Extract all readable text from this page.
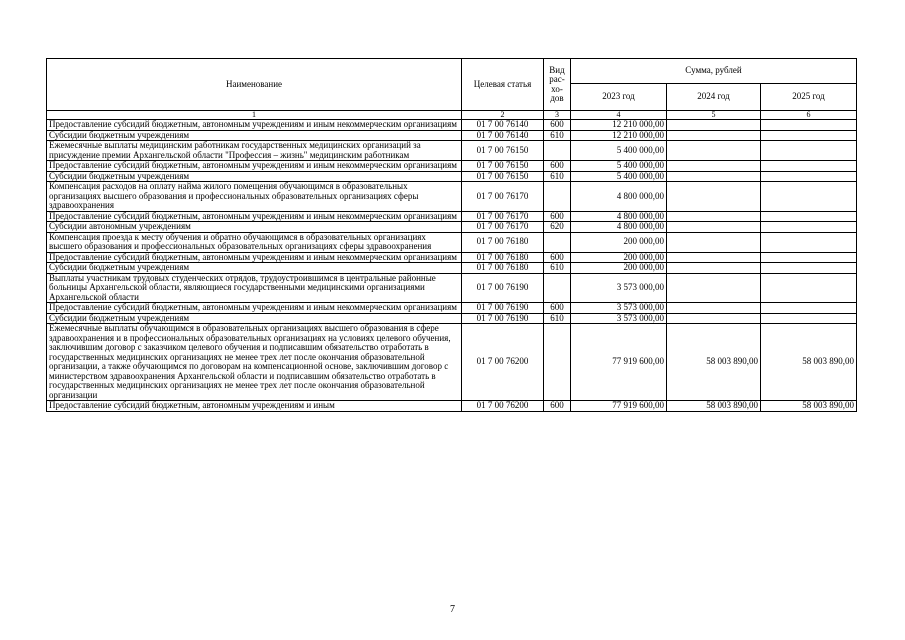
Наименование	Целевая статья	Вид рас-хо-дов	Сумма, рублей		
			2023 год	2024 год	2025 год
1	2	3	4	5	6
Предоставление субсидий бюджетным, автономным учреждениям и иным некоммерческим организациям	01 7 00 76140	600	12 210 000,00		
Субсидии бюджетным учреждениям	01 7 00 76140	610	12 210 000,00		
Ежемесячные выплаты медицинским работникам государственных медицинских организаций за присуждение премии Архангельской области "Профессия – жизнь" медицинским работникам	01 7 00 76150		5 400 000,00		
Предоставление субсидий бюджетным, автономным учреждениям и иным некоммерческим организациям	01 7 00 76150	600	5 400 000,00		
Субсидии бюджетным учреждениям	01 7 00 76150	610	5 400 000,00		
Компенсация расходов на оплату найма жилого помещения обучающимся в образовательных организациях высшего образования и профессиональных образовательных организациях сферы здравоохранения	01 7 00 76170		4 800 000,00		
Предоставление субсидий бюджетным, автономным учреждениям и иным некоммерческим организациям	01 7 00 76170	600	4 800 000,00		
Субсидии автономным учреждениям	01 7 00 76170	620	4 800 000,00		
Компенсация проезда к месту обучения и обратно обучающимся в образовательных организациях высшего образования и профессиональных образовательных организациях сферы здравоохранения	01 7 00 76180		200 000,00		
Предоставление субсидий бюджетным, автономным учреждениям и иным некоммерческим организациям	01 7 00 76180	600	200 000,00		
Субсидии бюджетным учреждениям	01 7 00 76180	610	200 000,00		
Выплаты участникам трудовых студенческих отрядов, трудоустроившимся в центральные районные больницы Архангельской области, являющиеся государственными медицинскими организациями Архангельской области	01 7 00 76190		3 573 000,00		
Предоставление субсидий бюджетным, автономным учреждениям и иным некоммерческим организациям	01 7 00 76190	600	3 573 000,00		
Субсидии бюджетным учреждениям	01 7 00 76190	610	3 573 000,00		
Ежемесячные выплаты обучающимся в образовательных организациях высшего образования в сфере здравоохранения и в профессиональных образовательных организациях на условиях целевого обучения, заключившим договор с заказчиком целевого обучения и подписавшим обязательство отработать в государственных медицинских организациях не менее трех лет после окончания образовательной организации, а также обучающимся по договорам на компенсационной основе, заключившим договор с министерством здравоохранения Архангельской области и подписавшим обязательство отработать в государственных медицинских организациях не менее трех лет после окончания образовательной организации	01 7 00 76200		77 919 600,00	58 003 890,00	58 003 890,00
Предоставление субсидий бюджетным, автономным учреждениям и иным	01 7 00 76200	600	77 919 600,00	58 003 890,00	58 003 890,00
7
